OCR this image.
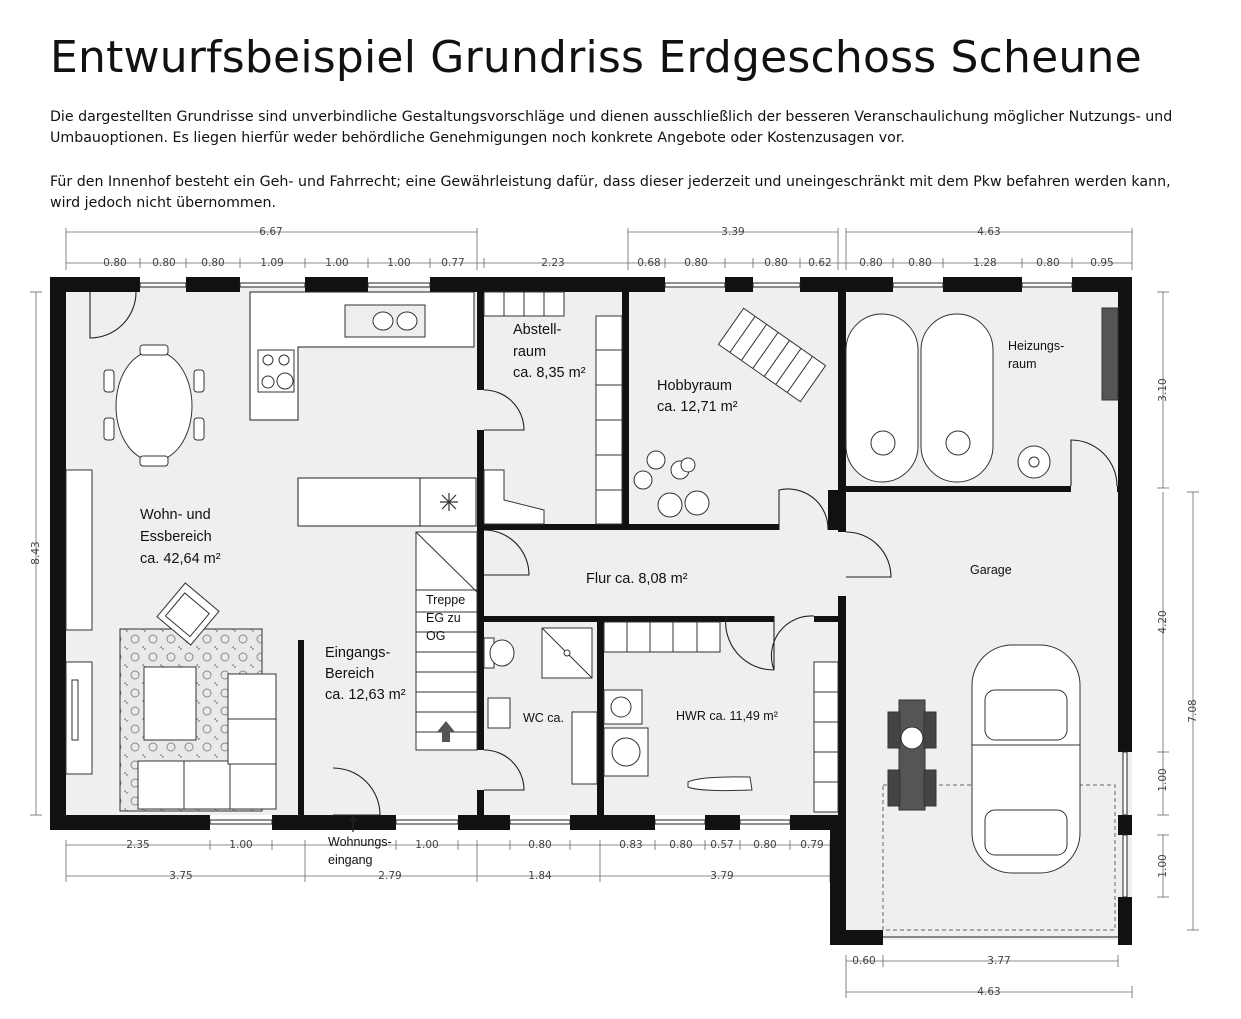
Entwurfsbeispiel Grundriss Erdgeschoss Scheune
Die dargestellten Grundrisse sind unverbindliche Gestaltungsvorschläge und dienen ausschließlich der besseren Veranschaulichung möglicher Nutzungs- und Umbauoptionen. Es liegen hierfür weder behördliche Genehmigungen noch konkrete Angebote oder Kostenzusagen vor.
Für den Innenhof besteht ein Geh- und Fahrrecht; eine Gewährleistung dafür, dass dieser jederzeit und uneingeschränkt mit dem Pkw befahren werden kann, wird jedoch nicht übernommen.
6.67	3.39	4.63
0.80 0.80 0.80	1.09	1.00	1.00	0.77	2.23	0.68 0.80	0.80 0.62	0.80 0.80	1.28	0.80	0.95
8.43
3.10
4.20
1.00
1.00
7.08
2.35	1.00	1.00	0.80	0.83	0.80 0.57 0.80 0.79
3.75	2.79	1.84	3.79
0.60	3.77
4.63
Wohn- und
Essbereich
ca. 42,64 m²
Abstell-
raum
ca. 8,35 m²
Hobbyraum
ca. 12,71 m²
Heizungs-
raum
Garage
Flur ca. 8,08 m²
Treppe
EG zu
OG
Eingangs-
Bereich
ca. 12,63 m²
WC ca.	HWR ca. 11,49 m²
Wohnungs-
eingang
